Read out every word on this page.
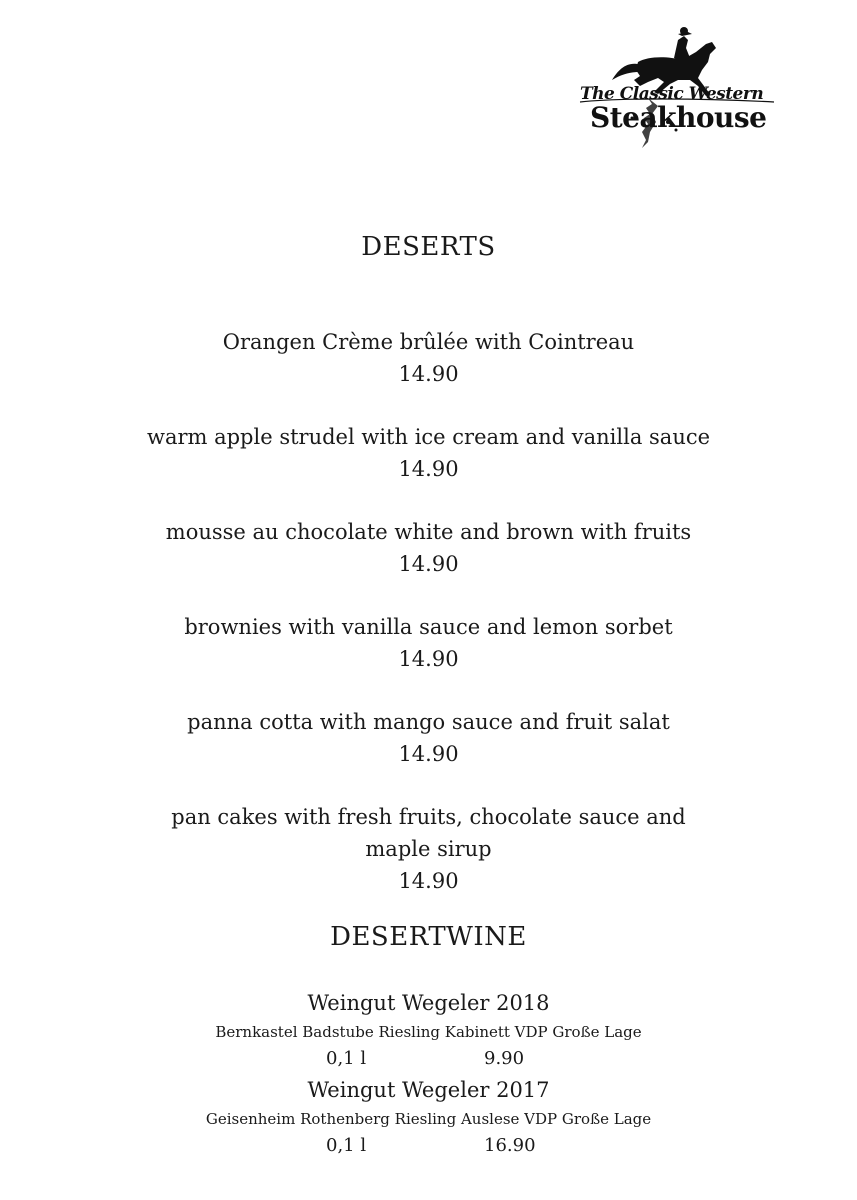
The Classic Western
Steakhouse
DESERTS
Orangen Crème brûlée with Cointreau
14.90
warm apple strudel with ice cream and vanilla sauce
14.90
mousse au chocolate white and brown with fruits
14.90
brownies with vanilla sauce and lemon sorbet
14.90
panna cotta with mango sauce and fruit salat
14.90
pan cakes with fresh fruits, chocolate sauce and maple sirup
14.90
DESERTWINE
Weingut Wegeler 2018
Bernkastel Badstube Riesling Kabinett VDP Große Lage
0,1 l	9.90
Weingut Wegeler 2017
Geisenheim Rothenberg Riesling Auslese VDP Große Lage
0,1 l	16.90
